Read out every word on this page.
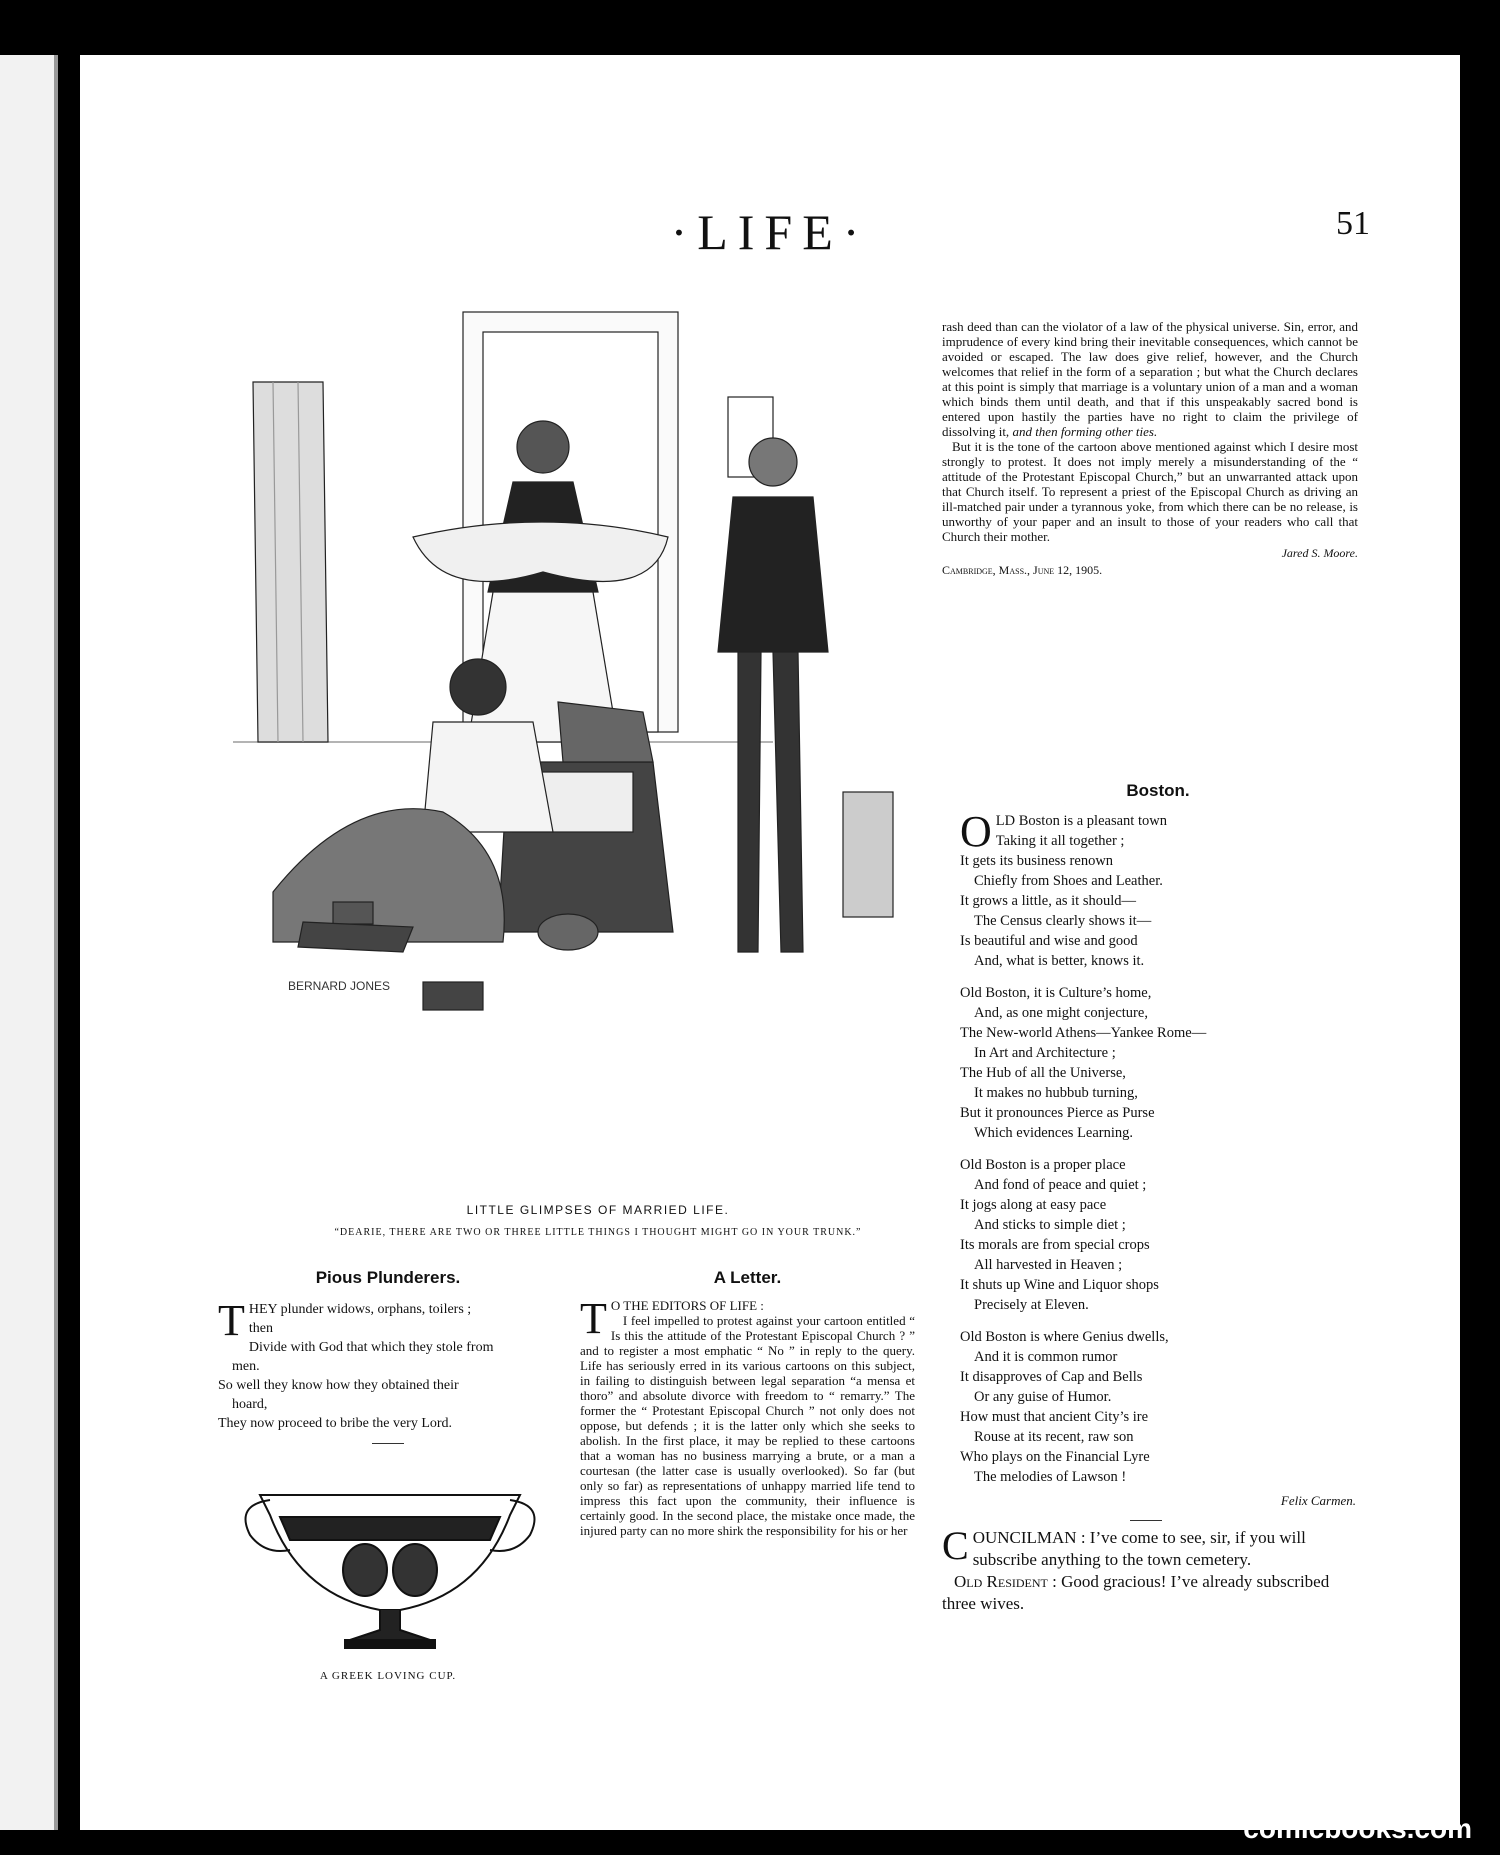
·LIFE·	51
BERNARD JONES
LITTLE GLIMPSES OF MARRIED LIFE.
“DEARIE, THERE ARE TWO OR THREE LITTLE THINGS I THOUGHT MIGHT GO IN YOUR TRUNK.”

rash deed than can the violator of a law of the physical universe. Sin, error, and imprudence of every kind bring their inevitable consequences, which cannot be avoided or escaped. The law does give relief, however, and the Church welcomes that relief in the form of a separation ; but what the Church declares at this point is simply that marriage is a voluntary union of a man and a woman which binds them until death, and that if this unspeakably sacred bond is entered upon hastily the parties have no right to claim the privilege of dissolving it, and then forming other ties.

But it is the tone of the cartoon above mentioned against which I desire most strongly to protest. It does not imply merely a misunderstanding of the “ attitude of the Protestant Episcopal Church,” but an unwarranted attack upon that Church itself. To represent a priest of the Episcopal Church as driving an ill-matched pair under a tyrannous yoke, from which there can be no release, is unworthy of your paper and an insult to those of your readers who call that Church their mother.

Jared S. Moore.
Cambridge, Mass., June 12, 1905.
Boston.
O LD Boston is a pleasant town
Taking it all together ;
It gets its business renown
Chiefly from Shoes and Leather.
It grows a little, as it should—
The Census clearly shows it—
Is beautiful and wise and good
And, what is better, knows it.
Old Boston, it is Culture’s home,
And, as one might conjecture,
The New-world Athens—Yankee Rome—
In Art and Architecture ;
The Hub of all the Universe,
It makes no hubbub turning,
But it pronounces Pierce as Purse
Which evidences Learning.
Old Boston is a proper place
And fond of peace and quiet ;
It jogs along at easy pace
And sticks to simple diet ;
Its morals are from special crops
All harvested in Heaven ;
It shuts up Wine and Liquor shops
Precisely at Eleven.
Old Boston is where Genius dwells,
And it is common rumor
It disapproves of Cap and Bells
Or any guise of Humor.
How must that ancient City’s ire
Rouse at its recent, raw son
Who plays on the Financial Lyre
The melodies of Lawson !
Felix Carmen.
Pious Plunderers.
T HEY plunder widows, orphans, toilers ;
then
Divide with God that which they stole from
men.
So well they know how they obtained their
hoard,
They now proceed to bribe the very Lord.
A GREEK LOVING CUP.
A Letter.
T O THE EDITORS OF LIFE :

I feel impelled to protest against your cartoon entitled “ Is this the attitude of the Protestant Episcopal Church ? ” and to register a most emphatic “ No ” in reply to the query. Life has seriously erred in its various cartoons on this subject, in failing to distinguish between legal separation “a mensa et thoro” and absolute divorce with freedom to “ remarry.” The former the “ Protestant Episcopal Church ” not only does not oppose, but defends ; it is the latter only which she seeks to abolish. In the first place, it may be replied to these cartoons that a woman has no business marrying a brute, or a man a courtesan (the latter case is usually overlooked). So far (but only so far) as representations of unhappy married life tend to impress this fact upon the community, their influence is certainly good. In the second place, the mistake once made, the injured party can no more shirk the responsibility for his or her COUNCILMAN : I’ve come to see, sir, if you will subscribe anything to the town cemetery.

Old Resident : Good gracious! I’ve already subscribed three wives.

comicbooks.com
